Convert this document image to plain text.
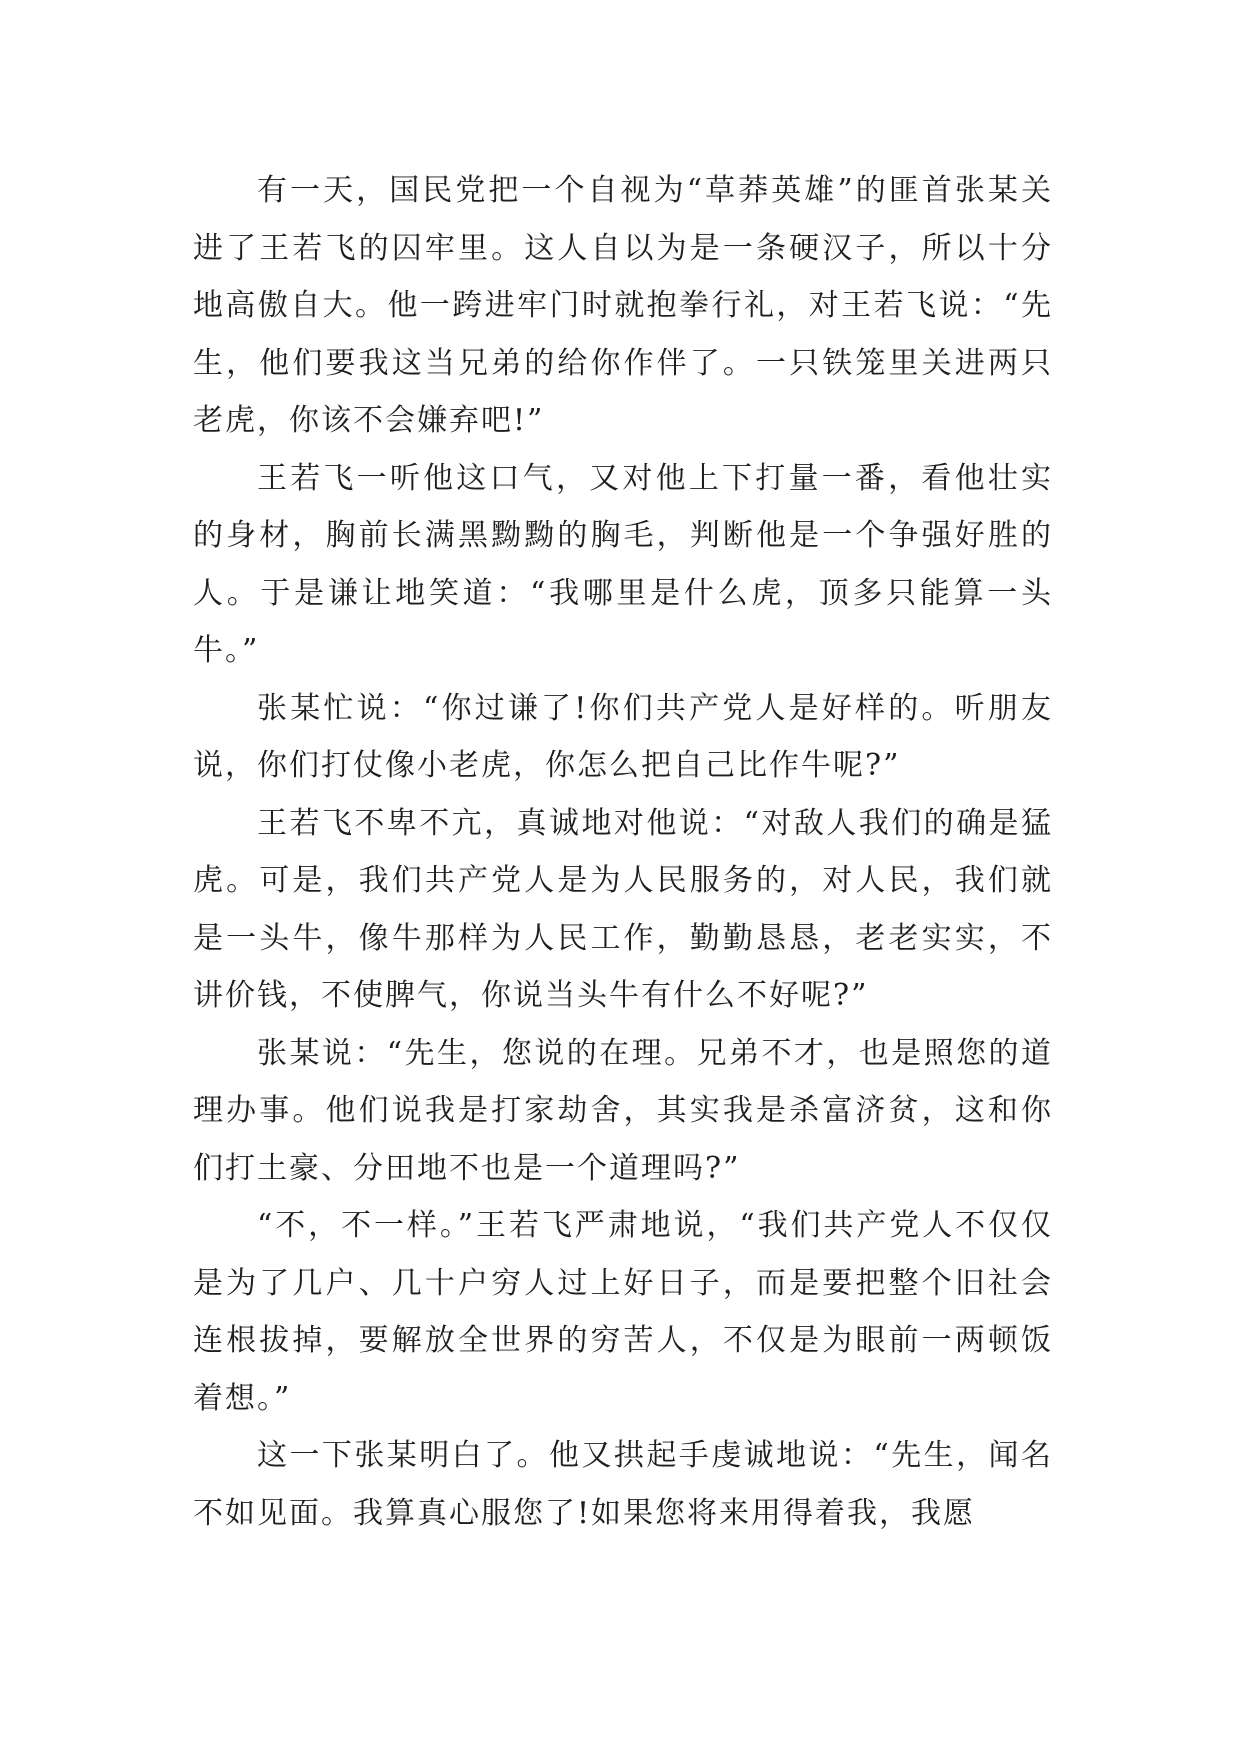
有一天，国民党把一个自视为“草莽英雄”的匪首张某关进了王若飞的囚牢里。这人自以为是一条硬汉子，所以十分地高傲自大。他一跨进牢门时就抱拳行礼，对王若飞说：“先生，他们要我这当兄弟的给你作伴了。一只铁笼里关进两只老虎，你该不会嫌弃吧!”

王若飞一听他这口气，又对他上下打量一番，看他壮实的身材，胸前长满黑黝黝的胸毛，判断他是一个争强好胜的人。于是谦让地笑道：“我哪里是什么虎，顶多只能算一头牛。”

张某忙说：“你过谦了!你们共产党人是好样的。听朋友说，你们打仗像小老虎，你怎么把自己比作牛呢?”

王若飞不卑不亢，真诚地对他说：“对敌人我们的确是猛虎。可是，我们共产党人是为人民服务的，对人民，我们就是一头牛，像牛那样为人民工作，勤勤恳恳，老老实实，不讲价钱，不使脾气，你说当头牛有什么不好呢?”

张某说：“先生，您说的在理。兄弟不才，也是照您的道理办事。他们说我是打家劫舍，其实我是杀富济贫，这和你们打土豪、分田地不也是一个道理吗?”

“不，不一样。”王若飞严肃地说，“我们共产党人不仅仅是为了几户、几十户穷人过上好日子，而是要把整个旧社会连根拔掉，要解放全世界的穷苦人，不仅是为眼前一两顿饭着想。”

这一下张某明白了。他又拱起手虔诚地说：“先生，闻名不如见面。我算真心服您了!如果您将来用得着我，我愿
